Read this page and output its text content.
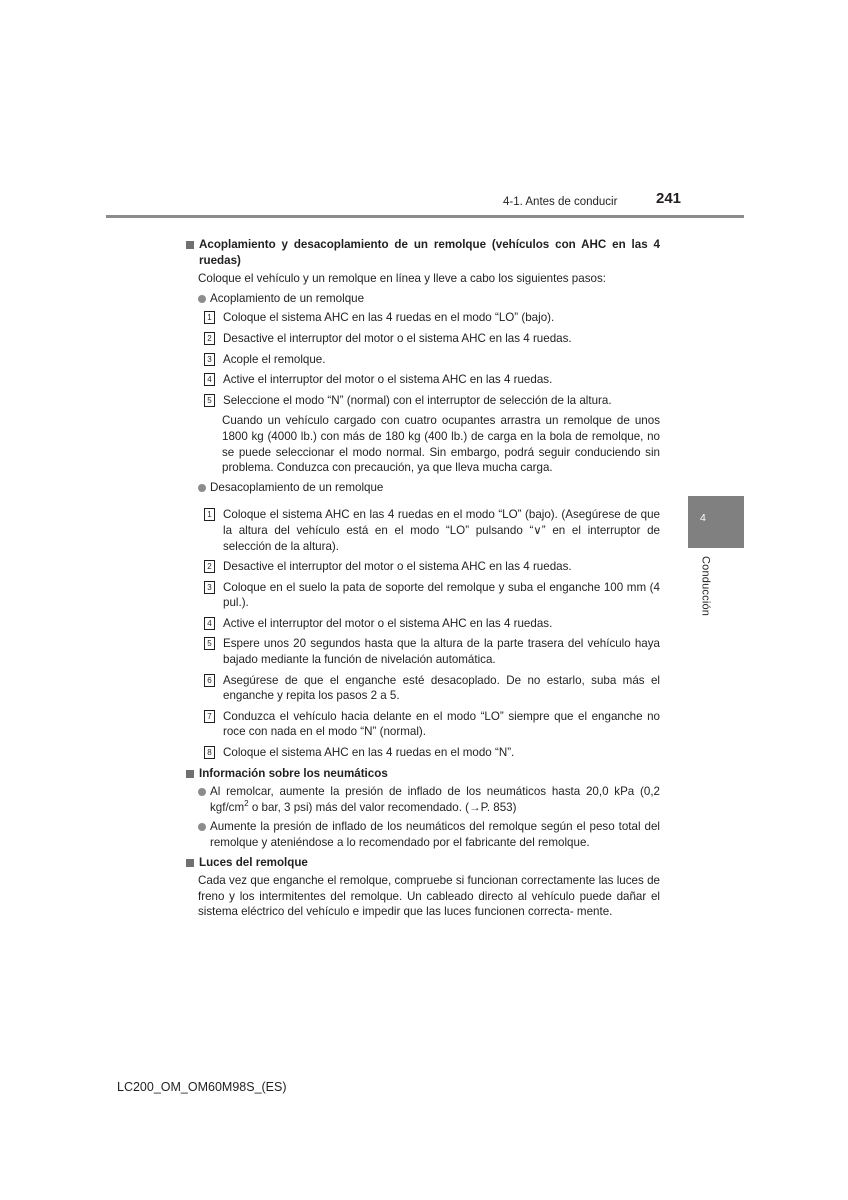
4-1. Antes de conducir	241
4
Conducción
Acoplamiento y desacoplamiento de un remolque (vehículos con AHC en las 4 ruedas)
Coloque el vehículo y un remolque en línea y lleve a cabo los siguientes pasos:
Acoplamiento de un remolque
1 Coloque el sistema AHC en las 4 ruedas en el modo “LO” (bajo).
2 Desactive el interruptor del motor o el sistema AHC en las 4 ruedas.
3 Acople el remolque.
4 Active el interruptor del motor o el sistema AHC en las 4 ruedas.
5 Seleccione el modo “N” (normal) con el interruptor de selección de la altura.
Cuando un vehículo cargado con cuatro ocupantes arrastra un remolque de unos 1800 kg (4000 lb.) con más de 180 kg (400 lb.) de carga en la bola de remolque, no se puede seleccionar el modo normal. Sin embargo, podrá seguir conduciendo sin problema. Conduzca con precaución, ya que lleva mucha carga.
Desacoplamiento de un remolque
1 Coloque el sistema AHC en las 4 ruedas en el modo “LO” (bajo). (Asegúrese de que la altura del vehículo está en el modo “LO” pulsando “∨” en el interruptor de selección de la altura).
2 Desactive el interruptor del motor o el sistema AHC en las 4 ruedas.
3 Coloque en el suelo la pata de soporte del remolque y suba el enganche 100 mm (4 pul.).
4 Active el interruptor del motor o el sistema AHC en las 4 ruedas.
5 Espere unos 20 segundos hasta que la altura de la parte trasera del vehículo haya bajado mediante la función de nivelación automática.
6 Asegúrese de que el enganche esté desacoplado. De no estarlo, suba más el enganche y repita los pasos 2 a 5.
7 Conduzca el vehículo hacia delante en el modo “LO” siempre que el enganche no roce con nada en el modo “N” (normal).
8 Coloque el sistema AHC en las 4 ruedas en el modo “N”.
Información sobre los neumáticos
Al remolcar, aumente la presión de inflado de los neumáticos hasta 20,0 kPa (0,2 kgf/$cm^2$ o bar, 3 psi) más del valor recomendado. (→P. 853)
Aumente la presión de inflado de los neumáticos del remolque según el peso total del remolque y ateniéndose a lo recomendado por el fabricante del remolque.
Luces del remolque
Cada vez que enganche el remolque, compruebe si funcionan correctamente las luces de freno y los intermitentes del remolque. Un cableado directo al vehículo puede dañar el sistema eléctrico del vehículo e impedir que las luces funcionen correcta- mente.
LC200_OM_OM60M98S_(ES)
